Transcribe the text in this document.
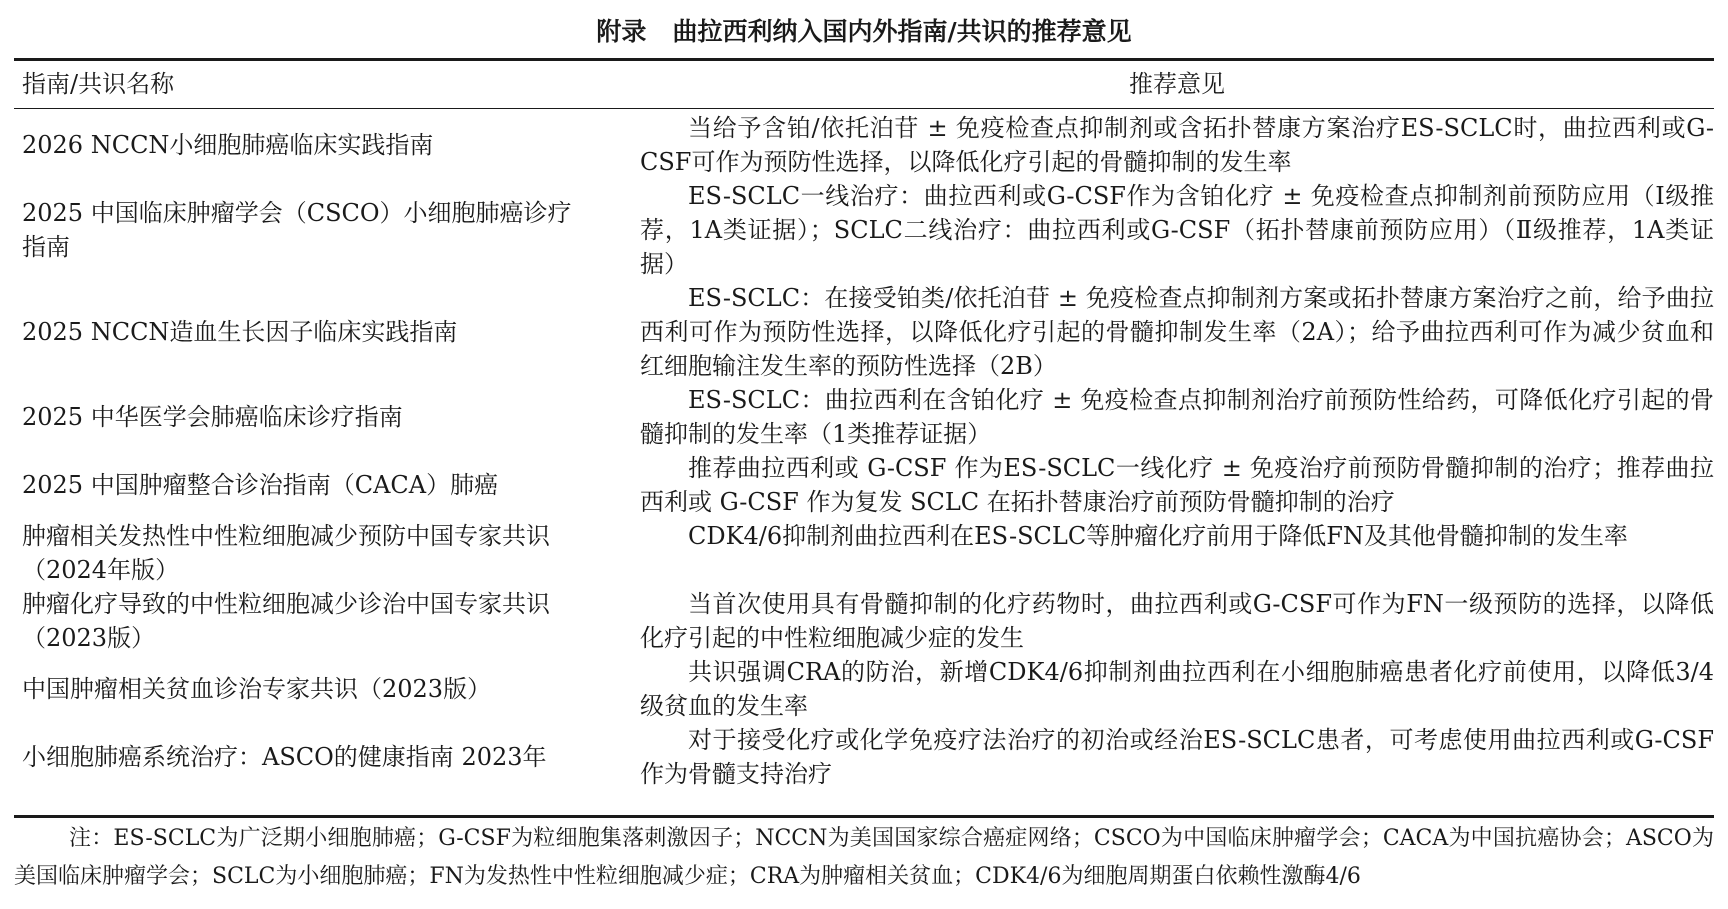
附录   曲拉西利纳入国内外指南/共识的推荐意见
指南/共识名称	推荐意见
2026 NCCN小细胞肺癌临床实践指南
当给予含铂/依托泊苷 ± 免疫检查点抑制剂或含拓扑替康方案治疗ES-SCLC时，曲拉西利或G-CSF可作为预防性选择，以降低化疗引起的骨髓抑制的发生率
2025 中国临床肿瘤学会（CSCO）小细胞肺癌诊疗指南
ES-SCLC一线治疗：曲拉西利或G-CSF作为含铂化疗 ± 免疫检查点抑制剂前预防应用（Ⅰ级推荐，1A类证据）；SCLC二线治疗：曲拉西利或G-CSF（拓扑替康前预防应用）（Ⅱ级推荐，1A类证据）
2025 NCCN造血生长因子临床实践指南
ES-SCLC：在接受铂类/依托泊苷 ± 免疫检查点抑制剂方案或拓扑替康方案治疗之前，给予曲拉西利可作为预防性选择，以降低化疗引起的骨髓抑制发生率（2A）；给予曲拉西利可作为减少贫血和红细胞输注发生率的预防性选择（2B）
2025 中华医学会肺癌临床诊疗指南
ES-SCLC：曲拉西利在含铂化疗 ± 免疫检查点抑制剂治疗前预防性给药，可降低化疗引起的骨髓抑制的发生率（1类推荐证据）
2025 中国肿瘤整合诊治指南（CACA）肺癌
推荐曲拉西利或 G-CSF 作为ES-SCLC一线化疗 ± 免疫治疗前预防骨髓抑制的治疗；推荐曲拉西利或 G-CSF 作为复发 SCLC 在拓扑替康治疗前预防骨髓抑制的治疗
肿瘤相关发热性中性粒细胞减少预防中国专家共识（2024年版）
CDK4/6抑制剂曲拉西利在ES-SCLC等肿瘤化疗前用于降低FN及其他骨髓抑制的发生率
肿瘤化疗导致的中性粒细胞减少诊治中国专家共识（2023版）
当首次使用具有骨髓抑制的化疗药物时，曲拉西利或G-CSF可作为FN一级预防的选择，以降低化疗引起的中性粒细胞减少症的发生
中国肿瘤相关贫血诊治专家共识（2023版）
共识强调CRA的防治，新增CDK4/6抑制剂曲拉西利在小细胞肺癌患者化疗前使用，以降低3/4级贫血的发生率
小细胞肺癌系统治疗：ASCO的健康指南 2023年
对于接受化疗或化学免疫疗法治疗的初治或经治ES-SCLC患者，可考虑使用曲拉西利或G-CSF作为骨髓支持治疗
注：ES-SCLC为广泛期小细胞肺癌；G-CSF为粒细胞集落刺激因子；NCCN为美国国家综合癌症网络；CSCO为中国临床肿瘤学会；CACA为中国抗癌协会；ASCO为美国临床肿瘤学会；SCLC为小细胞肺癌；FN为发热性中性粒细胞减少症；CRA为肿瘤相关贫血；CDK4/6为细胞周期蛋白依赖性激酶4/6
